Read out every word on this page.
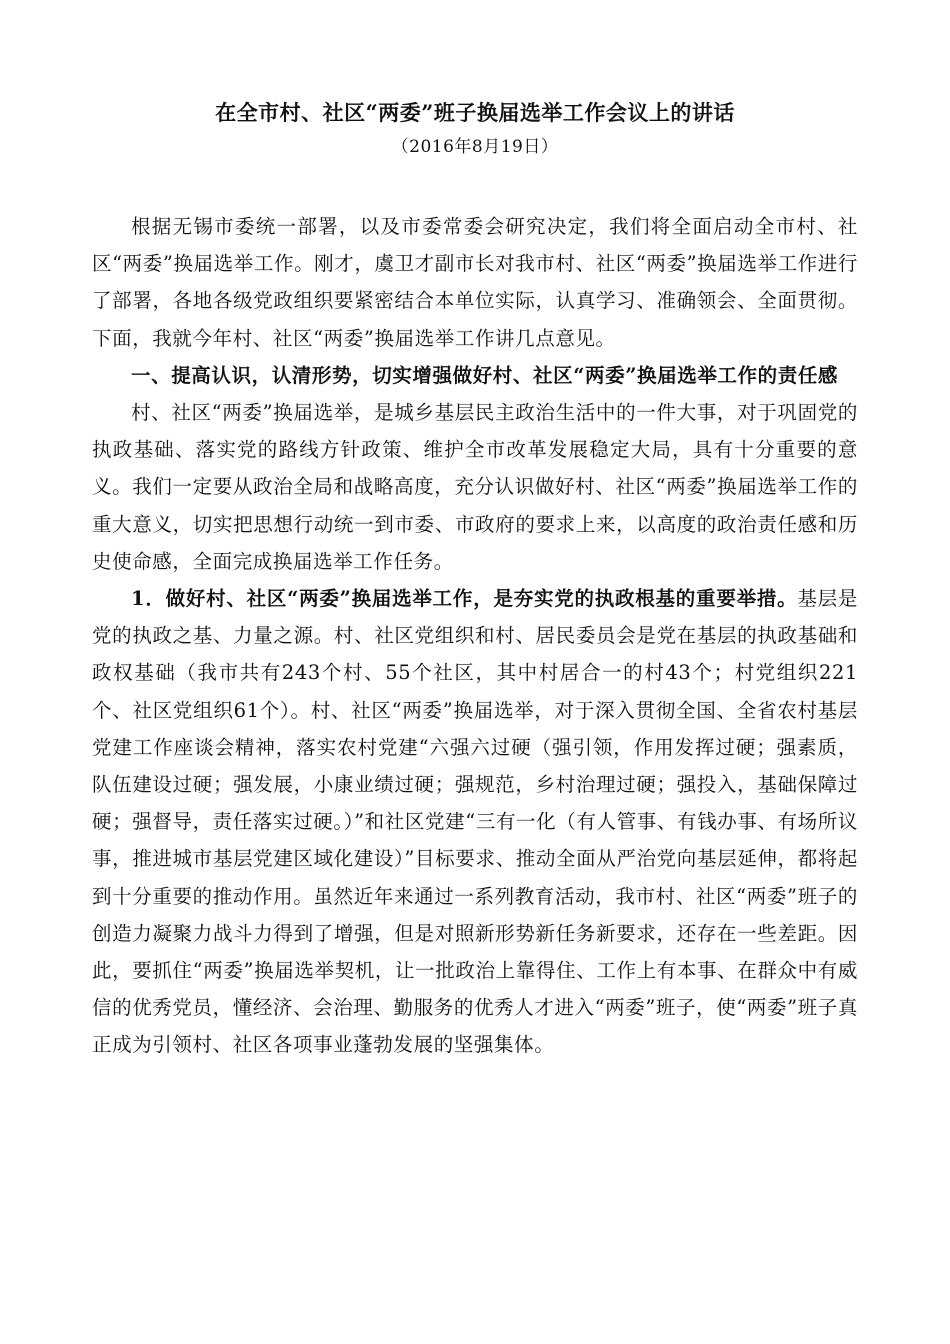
在全市村、社区“两委”班子换届选举工作会议上的讲话

（2016年8月19日）

根据无锡市委统一部署，以及市委常委会研究决定，我们将全面启动全市村、社区“两委”换届选举工作。刚才，虞卫才副市长对我市村、社区“两委”换届选举工作进行了部署，各地各级党政组织要紧密结合本单位实际，认真学习、准确领会、全面贯彻。下面，我就今年村、社区“两委”换届选举工作讲几点意见。

一、提高认识，认清形势，切实增强做好村、社区“两委”换届选举工作的责任感

村、社区“两委”换届选举，是城乡基层民主政治生活中的一件大事，对于巩固党的执政基础、落实党的路线方针政策、维护全市改革发展稳定大局，具有十分重要的意义。我们一定要从政治全局和战略高度，充分认识做好村、社区“两委”换届选举工作的重大意义，切实把思想行动统一到市委、市政府的要求上来，以高度的政治责任感和历史使命感，全面完成换届选举工作任务。

1．做好村、社区“两委”换届选举工作，是夯实党的执政根基的重要举措。基层是党的执政之基、力量之源。村、社区党组织和村、居民委员会是党在基层的执政基础和政权基础（我市共有243个村、55个社区，其中村居合一的村43个；村党组织221个、社区党组织61个）。村、社区“两委”换届选举，对于深入贯彻全国、全省农村基层党建工作座谈会精神，落实农村党建“六强六过硬（强引领，作用发挥过硬；强素质，队伍建设过硬；强发展，小康业绩过硬；强规范，乡村治理过硬；强投入，基础保障过硬；强督导，责任落实过硬。）”和社区党建“三有一化（有人管事、有钱办事、有场所议事，推进城市基层党建区域化建设）”目标要求、推动全面从严治党向基层延伸，都将起到十分重要的推动作用。虽然近年来通过一系列教育活动，我市村、社区“两委”班子的创造力凝聚力战斗力得到了增强，但是对照新形势新任务新要求，还存在一些差距。因此，要抓住“两委”换届选举契机，让一批政治上靠得住、工作上有本事、在群众中有威信的优秀党员，懂经济、会治理、勤服务的优秀人才进入“两委”班子，使“两委”班子真正成为引领村、社区各项事业蓬勃发展的坚强集体。
